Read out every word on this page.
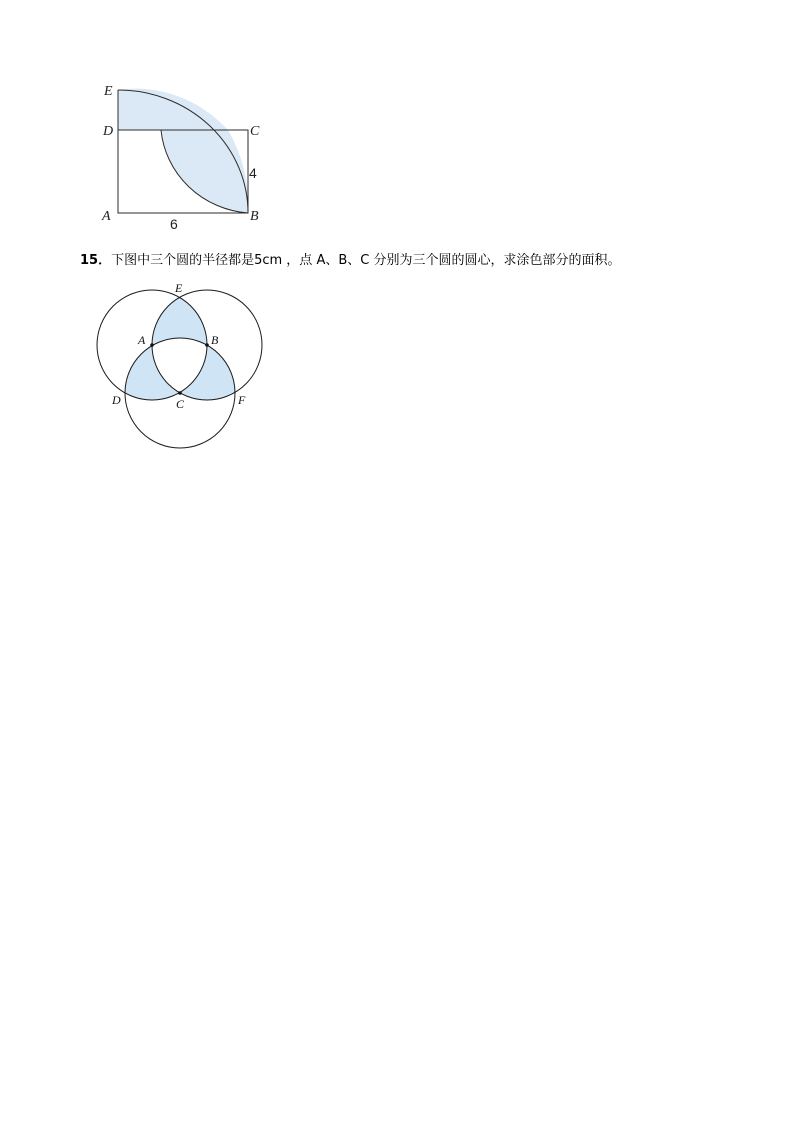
E
D	C
A	B
6
4
15．下图中三个圆的半径都是5cm ，点 A、B、C 分别为三个圆的圆心，求涂色部分的面积。
E
A	B
D	C	F
